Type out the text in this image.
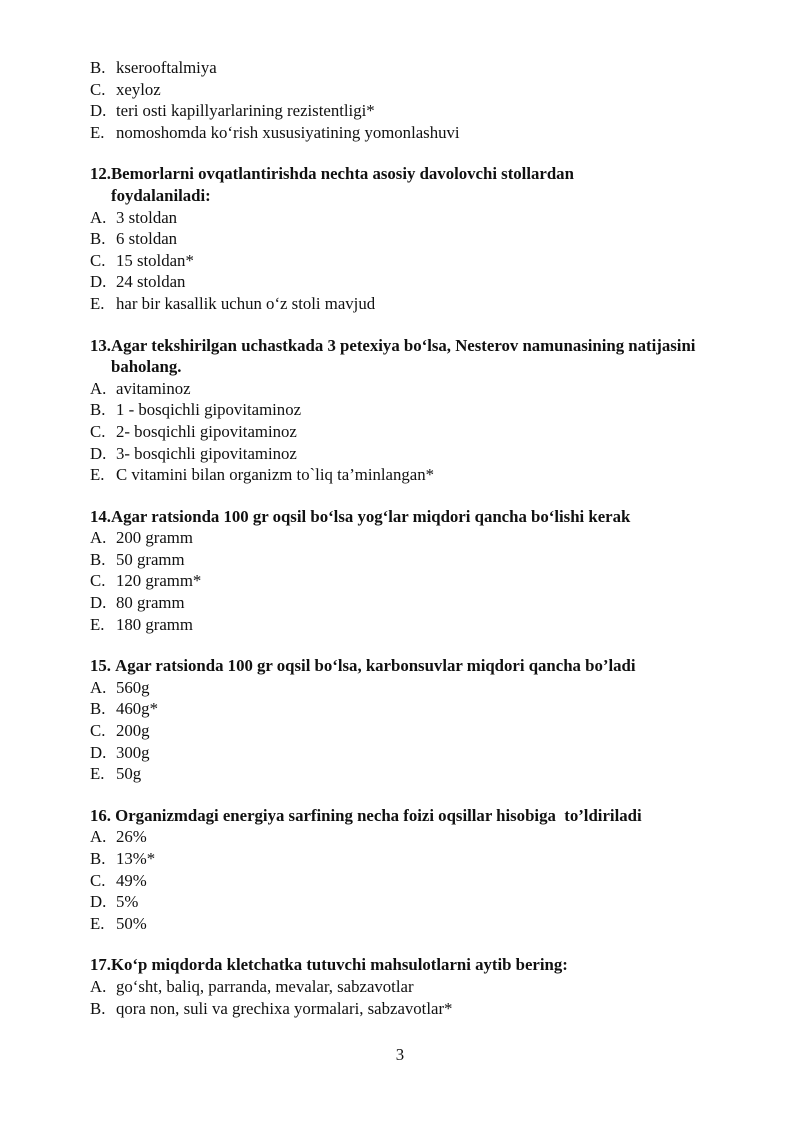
B. kserooftalmiya
C. xeyloz
D. teri osti kapillyarlarining rezistentligi*
E. nomoshomda ko‘rish xususiyatining yomonlashuvi
12. Bemorlarni ovqatlantirishda nechta asosiy davolovchi stollardan foydalaniladi:
A. 3 stoldan
B. 6 stoldan
C. 15 stoldan*
D. 24 stoldan
E. har bir kasallik uchun o‘z stoli mavjud
13. Agar tekshirilgan uchastkada 3 petexiya bo‘lsa, Nesterov namunasining natijasini baholang.
A. avitaminoz
B. 1 - bosqichli gipovitaminoz
C. 2- bosqichli gipovitaminoz
D. 3- bosqichli gipovitaminoz
E. C vitamini bilan organizm to`liq ta’minlangan*
14. Agar ratsionda 100 gr oqsil bo‘lsa yog‘lar miqdori qancha bo‘lishi kerak
A. 200 gramm
B. 50 gramm
C. 120 gramm*
D. 80 gramm
E. 180 gramm
15. Agar ratsionda 100 gr oqsil bo‘lsa, karbonsuvlar miqdori qancha bo’ladi
A. 560g
B. 460g*
C. 200g
D. 300g
E. 50g
16. Organizmdagi energiya sarfining necha foizi oqsillar hisobiga  to’ldiriladi
A. 26%
B. 13%*
C. 49%
D. 5%
E. 50%
17. Ko‘p miqdorda kletchatka tutuvchi mahsulotlarni aytib bering:
A. go‘sht, baliq, parranda, mevalar, sabzavotlar
B. qora non, suli va grechixa yormalari, sabzavotlar*
3
